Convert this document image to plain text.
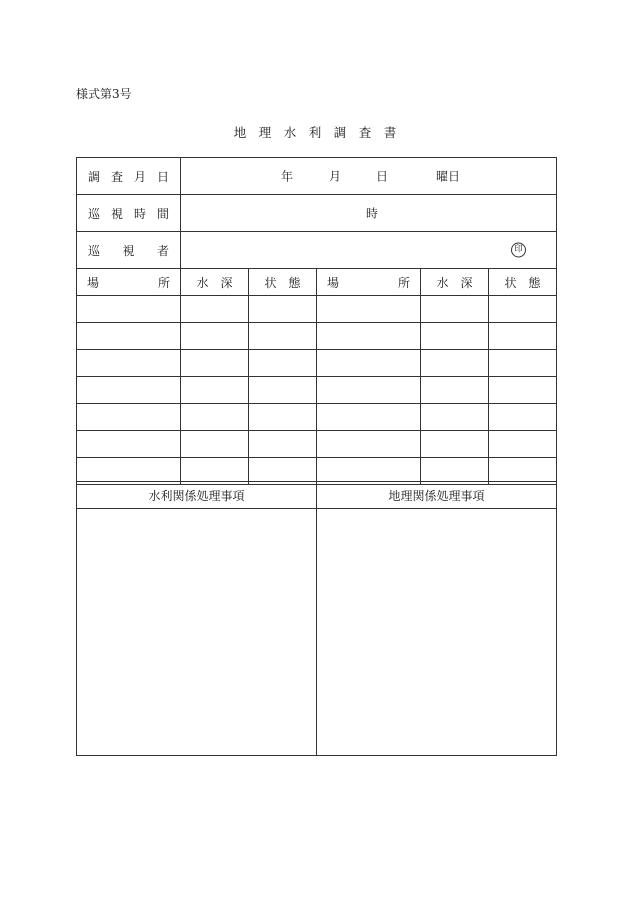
様式第3号
地　理　水　利　調　査　書
調 査 月 日	年 月 日 曜日				

巡 視 時 間	時				

巡 視 者	印				

場 所	水　深	状　態	場 所	水　深	状　態

水利関係処理事項	地理関係処理事項
